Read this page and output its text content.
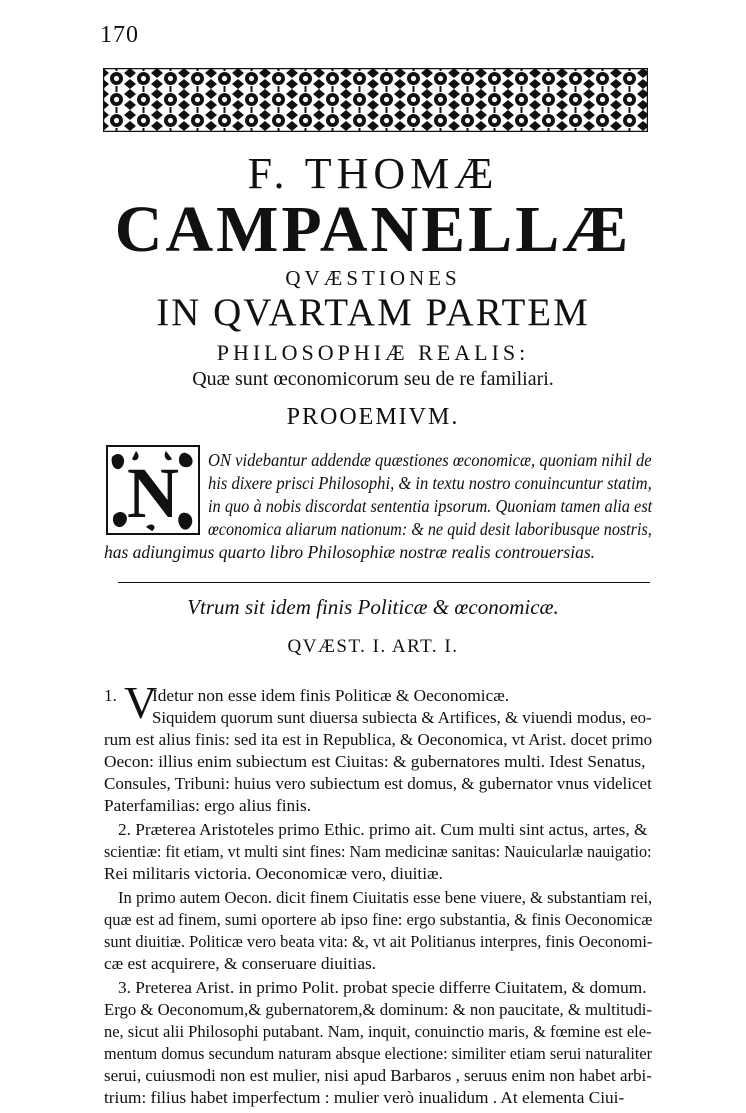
170
F. THOMÆ
CAMPANELLÆ
QVÆSTIONES
IN QVARTAM PARTEM
PHILOSOPHIÆ REALIS:
Quæ sunt œconomicorum seu de re familiari.
PROOEMIVM.
N ON videbantur addendæ quæstiones œconomicæ, quoniam nihil de
his dixere prisci Philosophi, & in textu nostro conuincuntur statim,
in quo à nobis discordat sententia ipsorum. Quoniam tamen alia est
œconomica aliarum nationum: & ne quid desit laboribusque nostris,
has adiungimus quarto libro Philosophiæ nostræ realis controuersias.
Vtrum sit idem finis Politicæ & œconomicæ.
QVÆST. I. ART. I.
1. V
Idetur non esse idem finis Politicæ & Oeconomicæ.
Siquidem quorum sunt diuersa subiecta & Artifices, & viuendi modus, eo-
rum est alius finis: sed ita est in Republica, & Oeconomica, vt Arist. docet primo
Oecon: illius enim subiectum est Ciuitas: & gubernatores multi. Idest Senatus,
Consules, Tribuni: huius vero subiectum est domus, & gubernator vnus videlicet
Paterfamilias: ergo alius finis.
2. Præterea Aristoteles primo Ethic. primo ait. Cum multi sint actus, artes, &
scientiæ: fit etiam, vt multi sint fines: Nam medicinæ sanitas: Nauicularlæ nauigatio:
Rei militaris victoria. Oeconomicæ vero, diuitiæ.
In primo autem Oecon. dicit finem Ciuitatis esse bene viuere, & substantiam rei,
quæ est ad finem, sumi oportere ab ipso fine: ergo substantia, & finis Oeconomicæ
sunt diuitiæ. Politicæ vero beata vita: &, vt ait Politianus interpres, finis Oeconomi-
cæ est acquirere, & conseruare diuitias.
3. Preterea Arist. in primo Polit. probat specie differre Ciuitatem, & domum.
Ergo & Oeconomum,& gubernatorem,& dominum: & non paucitate, & multitudi-
ne, sicut alii Philosophi putabant. Nam, inquit, conuinctio maris, & fœmine est ele-
mentum domus secundum naturam absque electione: similiter etiam serui naturaliter
serui, cuiusmodi non est mulier, nisi apud Barbaros , seruus enim non habet arbi-
trium: filius habet imperfectum : mulier verò inualidum . At elementa Ciui-
